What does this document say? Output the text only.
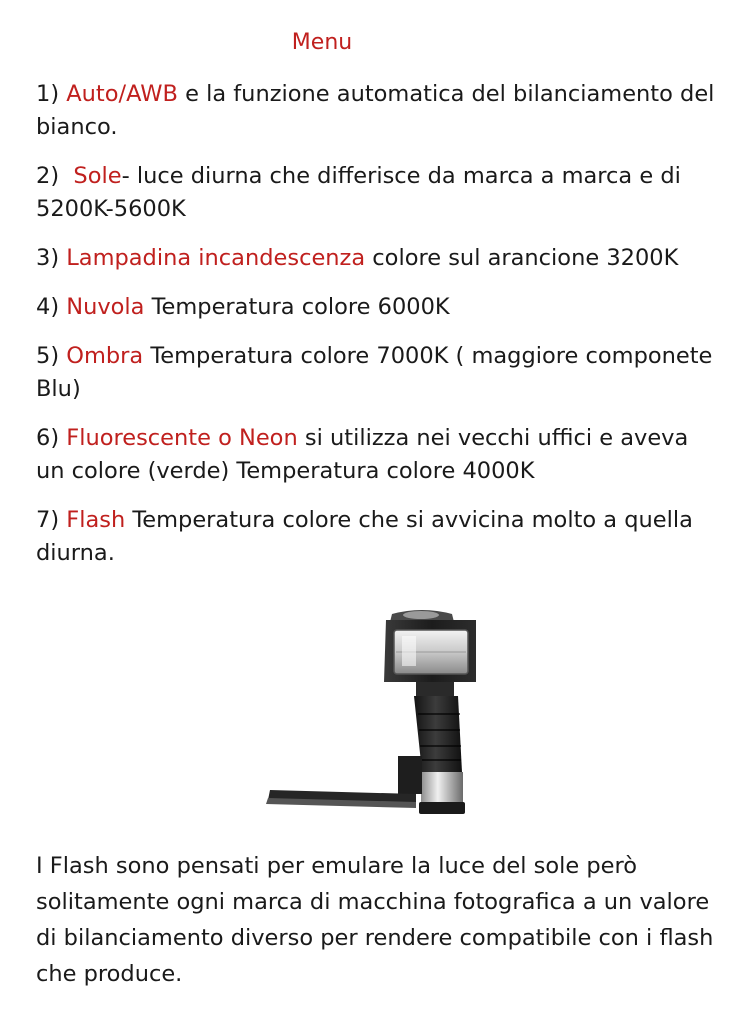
Menu

1) Auto/AWB e la funzione automatica del bilanciamento del bianco.

2)  Sole- luce diurna che differisce da marca a marca e di 5200K-5600K

3) Lampadina incandescenza colore sul arancione 3200K

4) Nuvola Temperatura colore 6000K

5) Ombra Temperatura colore 7000K ( maggiore componete Blu)

6) Fluorescente o Neon si utilizza nei vecchi uffici e aveva un colore (verde) Temperatura colore 4000K

7) Flash Temperatura colore che si avvicina molto a quella diurna.

I Flash sono pensati per emulare la luce del sole però solitamente ogni marca di macchina fotografica a un valore di bilanciamento diverso per rendere compatibile con i flash che produce.
